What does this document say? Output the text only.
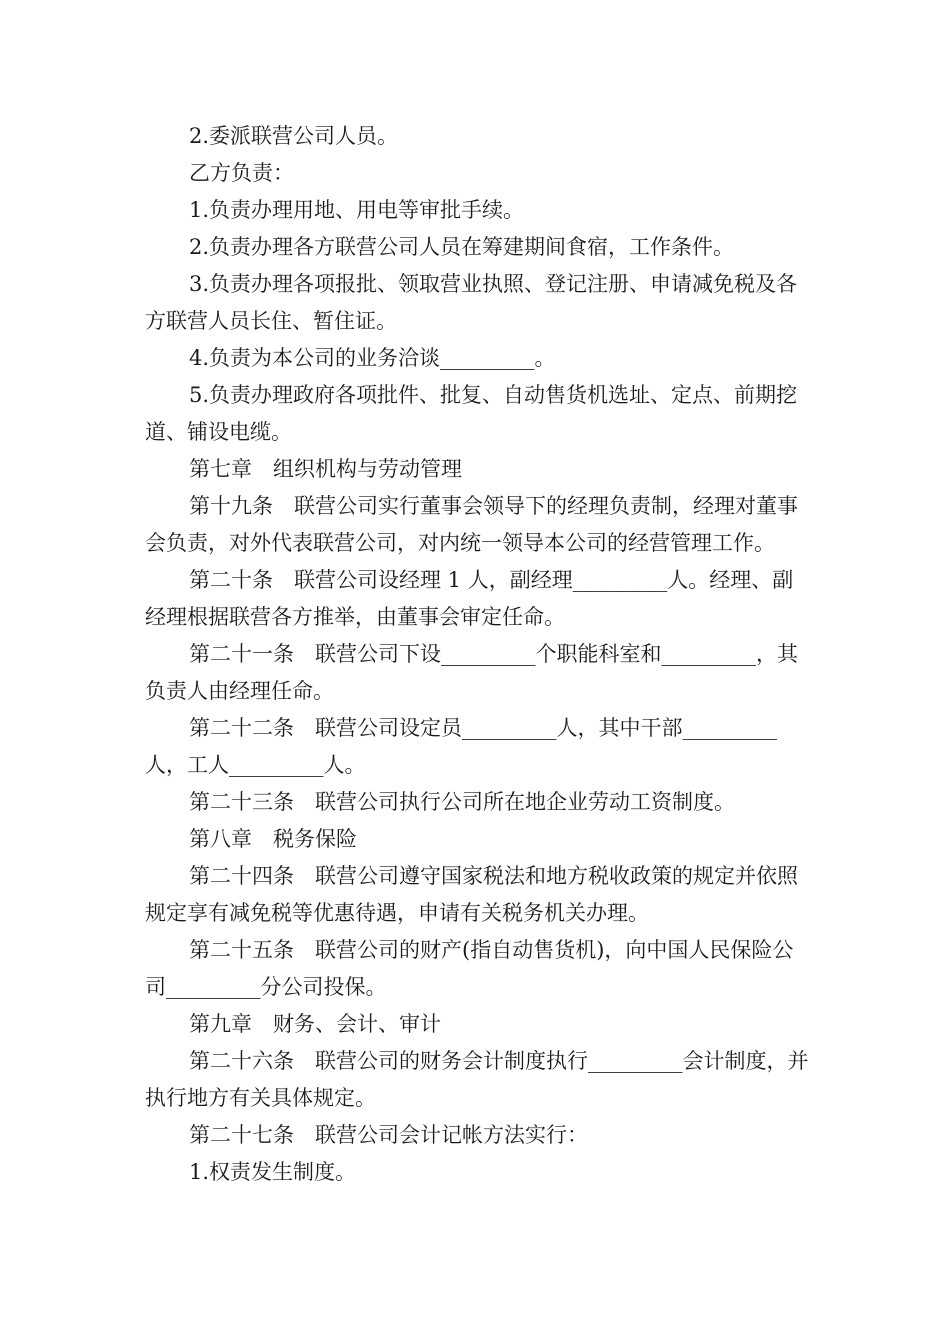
2.委派联营公司人员。

乙方负责：

1.负责办理用地、用电等审批手续。

2.负责办理各方联营公司人员在筹建期间食宿，工作条件。

3.负责办理各项报批、领取营业执照、登记注册、申请减免税及各方联营人员长住、暂住证。

4.负责为本公司的业务洽谈_________。

5.负责办理政府各项批件、批复、自动售货机选址、定点、前期挖道、铺设电缆。

第七章　组织机构与劳动管理

第十九条　联营公司实行董事会领导下的经理负责制，经理对董事会负责，对外代表联营公司，对内统一领导本公司的经营管理工作。

第二十条　联营公司设经理 1 人，副经理_________人。经理、副经理根据联营各方推举，由董事会审定任命。

第二十一条　联营公司下设_________个职能科室和_________，其负责人由经理任命。

第二十二条　联营公司设定员_________人，其中干部_________人，工人_________人。

第二十三条　联营公司执行公司所在地企业劳动工资制度。

第八章　税务保险

第二十四条　联营公司遵守国家税法和地方税收政策的规定并依照规定享有减免税等优惠待遇，申请有关税务机关办理。

第二十五条　联营公司的财产(指自动售货机)，向中国人民保险公司_________分公司投保。

第九章　财务、会计、审计

第二十六条　联营公司的财务会计制度执行_________会计制度，并执行地方有关具体规定。

第二十七条　联营公司会计记帐方法实行：

1.权责发生制度。
